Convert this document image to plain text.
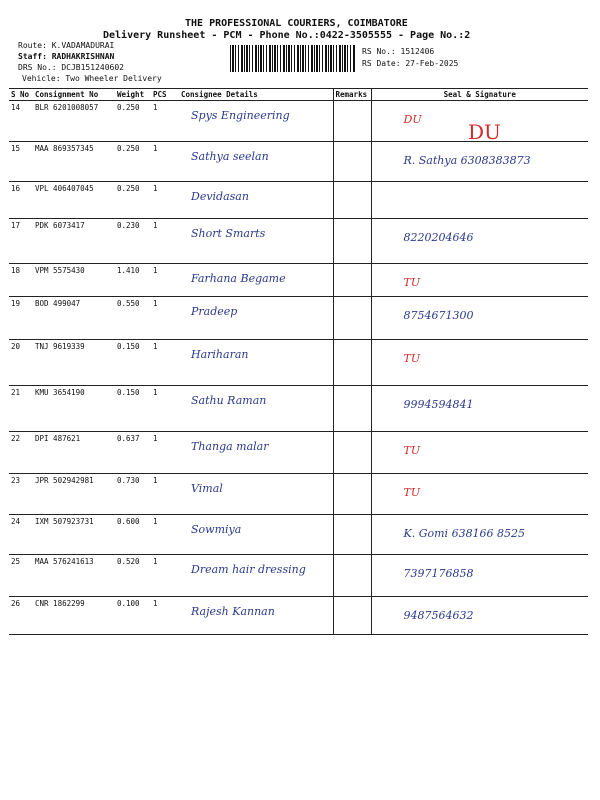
THE PROFESSIONAL COURIERS, COIMBATORE
Delivery Runsheet - PCM - Phone No.:0422-3505555 - Page No.:2
Route: K.VADAMADURAI
Staff: RADHAKRISHNAN
DRS No.: DCJB151240602
Vehicle: Two Wheeler Delivery
RS No.: 1512406
RS Date: 27-Feb-2025
S No	Consignment No	Weight	PCS	Consignee Details	Remarks	Seal & Signature
14	BLR 6201008057	0.250	1	Spys Engineering		DU

15	MAA 869357345	0.250	1	Sathya seelan		R. Sathya 6308383873

16	VPL 406407045	0.250	1	Devidasan		

17	PDK 6073417	0.230	1	Short Smarts		8220204646

18	VPM 5575430	1.410	1	Farhana Begame		TU

19	BOD 499047	0.550	1	Pradeep		8754671300

20	TNJ 9619339	0.150	1	Hariharan		TU

21	KMU 3654190	0.150	1	Sathu Raman		9994594841

22	DPI 487621	0.637	1	Thanga malar		TU

23	JPR 502942981	0.730	1	Vimal		TU

24	IXM 507923731	0.600	1	Sowmiya		K. Gomi 638166 8525

25	MAA 576241613	0.520	1	Dream hair dressing		7397176858

26	CNR 1862299	0.100	1	Rajesh Kannan		9487564632
DU
